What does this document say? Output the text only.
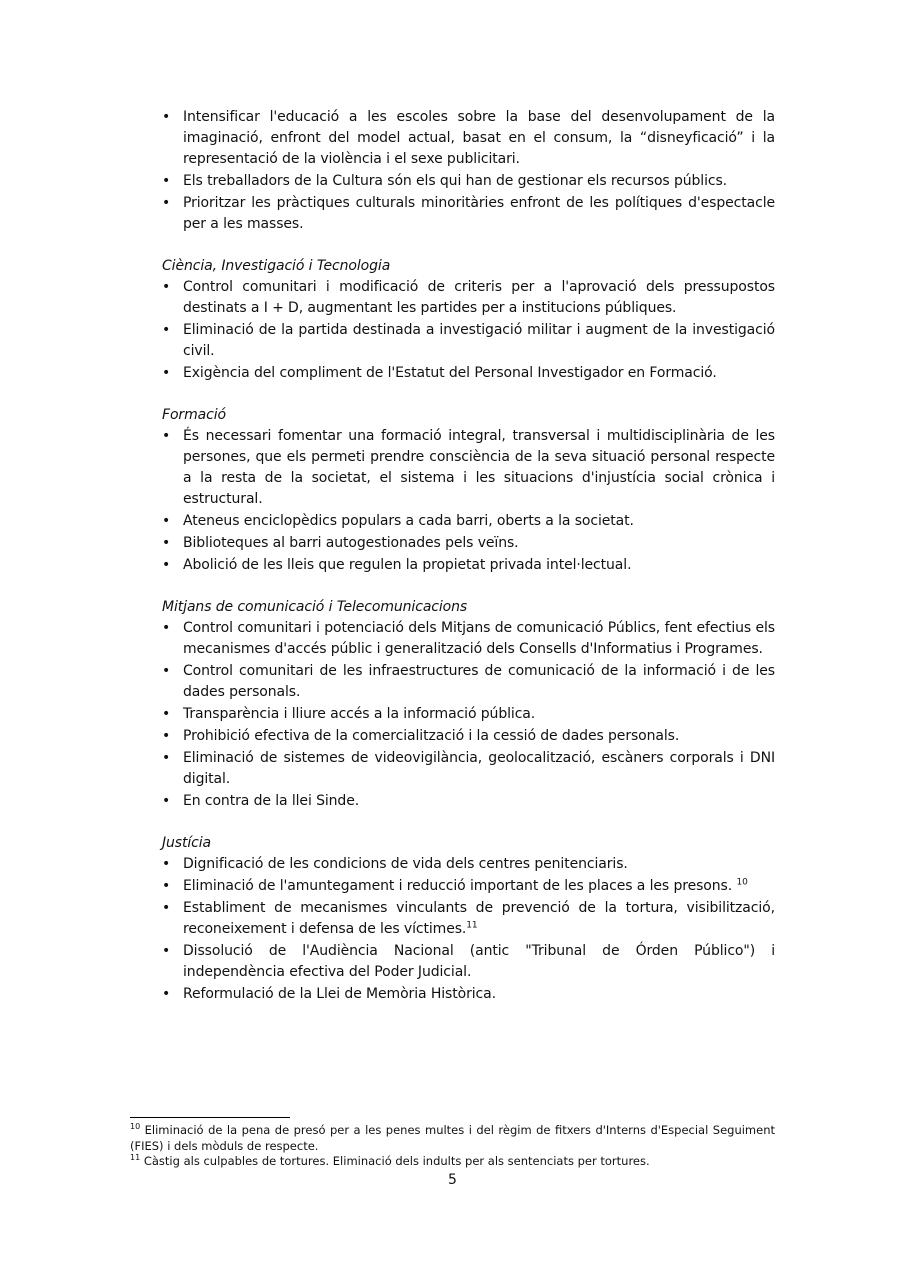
• Intensificar l'educació a les escoles sobre la base del desenvolupament de la imaginació, enfront del model actual, basat en el consum, la “disneyficació” i la representació de la violència i el sexe publicitari.
• Els treballadors de la Cultura són els qui han de gestionar els recursos públics.
• Prioritzar les pràctiques culturals minoritàries enfront de les polítiques d'espectacle per a les masses.
Ciència, Investigació i Tecnologia
• Control comunitari i modificació de criteris per a l'aprovació dels pressupostos destinats a I + D, augmentant les partides per a institucions públiques.
• Eliminació de la partida destinada a investigació militar i augment de la investigació civil.
• Exigència del compliment de l'Estatut del Personal Investigador en Formació.
Formació
• És necessari fomentar una formació integral, transversal i multidisciplinària de les persones, que els permeti prendre consciència de la seva situació personal respecte a la resta de la societat, el sistema i les situacions d'injustícia social crònica i estructural.
• Ateneus enciclopèdics populars a cada barri, oberts a la societat.
• Biblioteques al barri autogestionades pels veïns.
• Abolició de les lleis que regulen la propietat privada intel·lectual.
Mitjans de comunicació i Telecomunicacions
• Control comunitari i potenciació dels Mitjans de comunicació Públics, fent efectius els mecanismes d'accés públic i generalització dels Consells d'Informatius i Programes.
• Control comunitari de les infraestructures de comunicació de la informació i de les dades personals.
• Transparència i lliure accés a la informació pública.
• Prohibició efectiva de la comercialització i la cessió de dades personals.
• Eliminació de sistemes de videovigilància, geolocalització, escàners corporals i DNI digital.
• En contra de la llei Sinde.
Justícia
• Dignificació de les condicions de vida dels centres penitenciaris.
• Eliminació de l'amuntegament i reducció important de les places a les presons. $^{10}$
• Establiment de mecanismes vinculants de prevenció de la tortura, visibilització, reconeixement i defensa de les víctimes.$^{11}$
• Dissolució de l'Audiència Nacional (antic "Tribunal de Órden Público") i independència efectiva del Poder Judicial.
• Reformulació de la Llei de Memòria Històrica.
$^{10}$ Eliminació de la pena de presó per a les penes multes i del règim de fitxers d'Interns d'Especial Seguiment (FIES) i dels mòduls de respecte.
$^{11}$ Càstig als culpables de tortures. Eliminació dels indults per als sentenciats per tortures.
5
